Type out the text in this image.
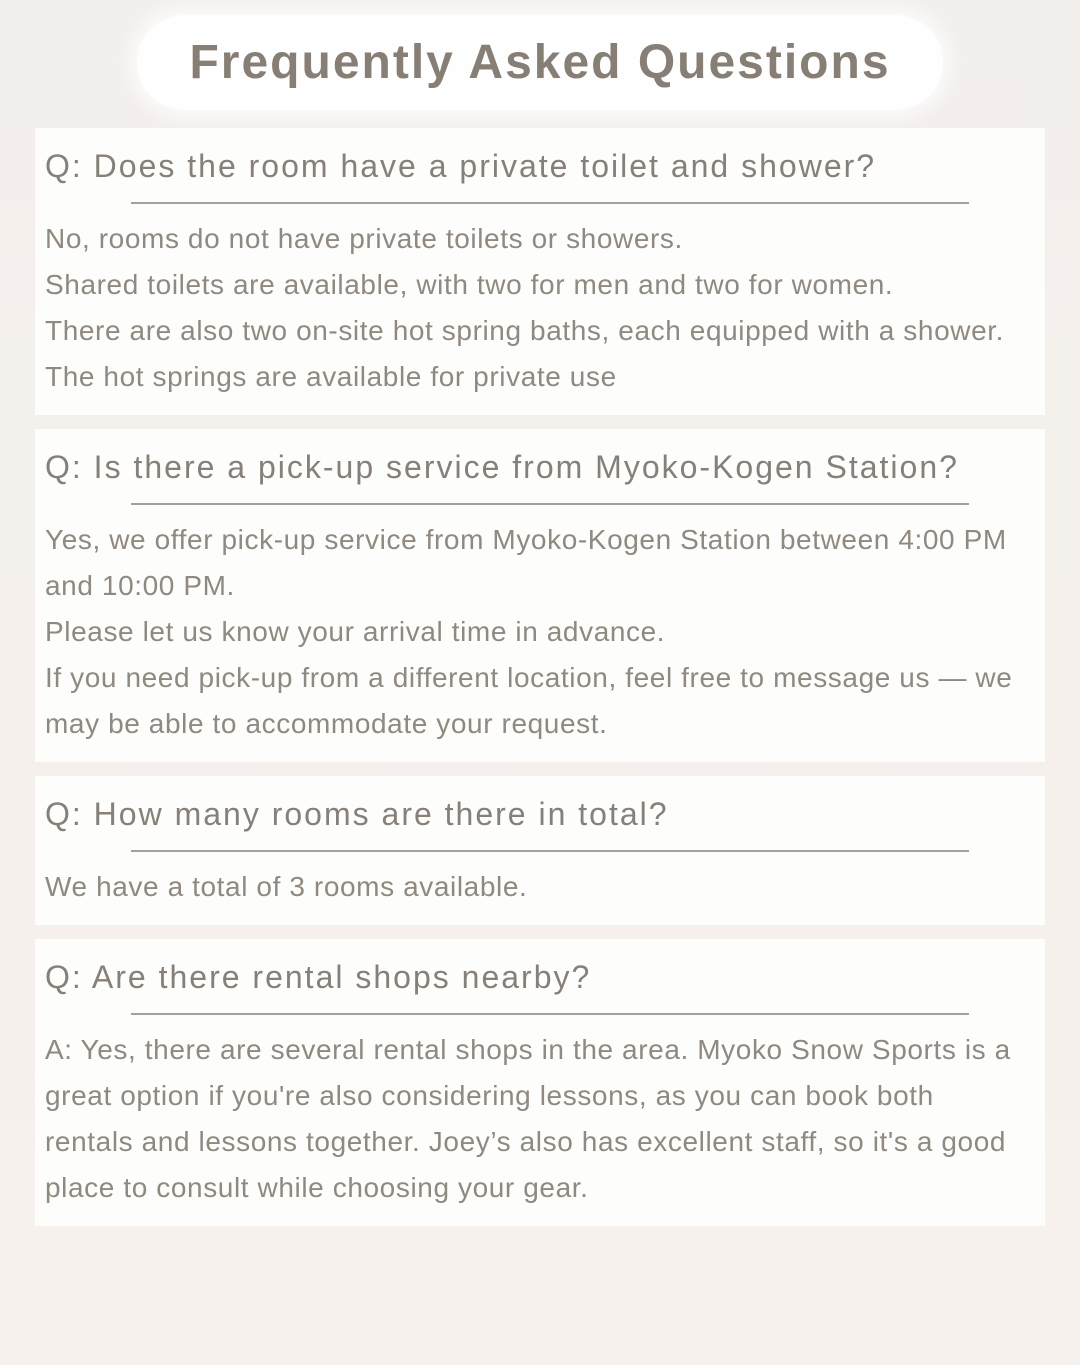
Frequently Asked Questions
Q: Does the room have a private toilet and shower?

No, rooms do not have private toilets or showers.

Shared toilets are available, with two for men and two for women.

There are also two on-site hot spring baths, each equipped with a shower.

The hot springs are available for private use

Q: Is there a pick-up service from Myoko-Kogen Station?

Yes, we offer pick-up service from Myoko-Kogen Station between 4:00 PM and 10:00 PM.

Please let us know your arrival time in advance.

If you need pick-up from a different location, feel free to message us — we may be able to accommodate your request.

Q: How many rooms are there in total?

We have a total of 3 rooms available.

Q: Are there rental shops nearby?

A: Yes, there are several rental shops in the area. Myoko Snow Sports is a great option if you're also considering lessons, as you can book both rentals and lessons together. Joey’s also has excellent staff, so it's a good place to consult while choosing your gear.
